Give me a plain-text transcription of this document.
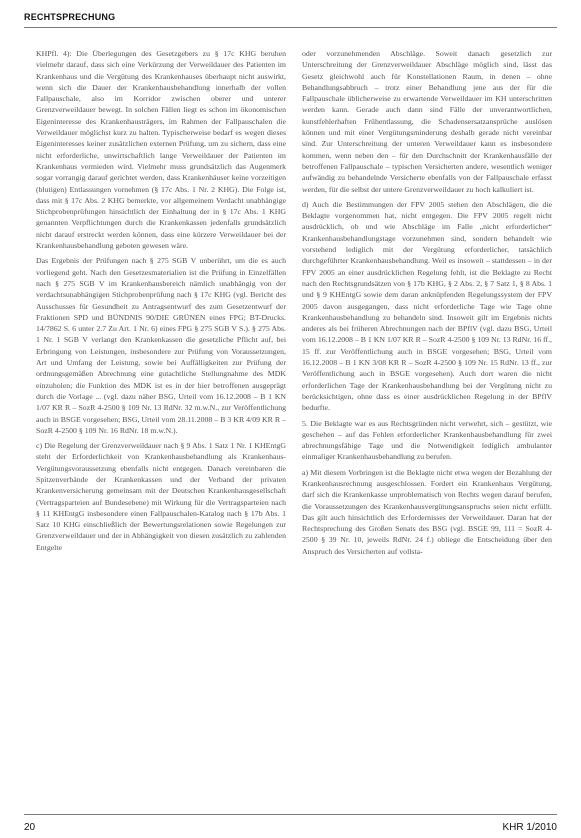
RECHTSPRECHUNG

KHPfl. 4): Die Überlegungen des Gesetzgebers zu § 17c KHG beruhen vielmehr darauf, dass sich eine Verkürzung der Verweildauer des Patienten im Krankenhaus und die Vergütung des Krankenhauses überhaupt nicht auswirkt, wenn sich die Dauer der Krankenhausbehandlung innerhalb der vollen Fallpauschale, also im Korridor zwischen oberer und unterer Grenzverweildauer bewegt. In solchen Fällen liegt es schon im ökonomischen Eigeninteresse des Krankenhausträgers, im Rahmen der Fallpauschalen die Verweildauer möglichst kurz zu halten. Typischerweise bedarf es wegen dieses Eigeninteresses keiner zusätzlichen externen Prüfung, um zu sichern, dass eine nicht erforderliche, unwirtschaftlich lange Verweildauer der Patienten im Krankenhaus vermieden wird. Vielmehr muss grundsätzlich das Augenmerk sogar vorrangig darauf gerichtet werden, dass Krankenhäuser keine vorzeitigen (blutigen) Entlassungen vornehmen (§ 17c Abs. 1 Nr. 2 KHG). Die Folge ist, dass mit § 17c Abs. 2 KHG bemerkte, vor allgemeinem Verdacht unabhängige Stichprobenprüfungen hinsichtlich der Einhaltung der in § 17c Abs. 1 KHG genannten Verpflichtungen durch die Krankenkassen jedenfalls grundsätzlich nicht darauf erstreckt werden können, dass eine kürzere Verweildauer bei der Krankenhausbehandlung geboten gewesen wäre.

Das Ergebnis der Prüfungen nach § 275 SGB V unberührt, um die es auch vorliegend geht. Nach den Gesetzesmaterialien ist die Prüfung in Einzelfällen nach § 275 SGB V im Krankenhausbereich nämlich unabhängig von der verdachtsunabhängigen Stichprobenprüfung nach § 17c KHG (vgl. Bericht des Ausschusses für Gesundheit zu Antragsentwurf des zum Gesetzentwurf der Fraktionen SPD und BÜNDNIS 90/DIE GRÜNEN eines FPG; BT-Drucks. 14/7862 S. 6 unter 2.7 Zu Art. 1 Nr. 6) eines FPG § 275 SGB V S.). § 275 Abs. 1 Nr. 1 SGB V verlangt den Krankenkassen die gesetzliche Pflicht auf, bei Erbringung von Leistungen, insbesondere zur Prüfung von Voraussetzungen, Art und Umfang der Leistung, sowie bei Auffälligkeiten zur Prüfung der ordnungsgemäßen Abrechnung eine gutachtliche Stellungnahme des MDK einzuholen; die Funktion des MDK ist es in der hier betroffenen ausgeprägt durch die Vorlage ... (vgl. dazu näher BSG, Urteil vom 16.12.2008 – B 1 KN 1/07 KR R – SozR 4-2500 § 109 Nr. 13 RdNr. 32 m.w.N., zur Veröffentlichung auch in BSGE vorgesehen; BSG, Urteil vom 28.11.2008 – B 3 KR 4/09 KR R – SozR 4-2500 § 109 Nr. 16 RdNr. 18 m.w.N.).

c) Die Regelung der Grenzverweildauer nach § 9 Abs. 1 Satz 1 Nr. 1 KHEntgG steht der Erforderlichkeit von Krankenhausbehandlung als Krankenhaus-Vergütungsvoraussetzung ebenfalls nicht entgegen. Danach vereinbaren die Spitzenverbände der Krankenkassen und der Verband der privaten Krankenversicherung gemeinsam mit der Deutschen Krankenhausgesellschaft (Vertragsparteien auf Bundesebene) mit Wirkung für die Vertragsparteien nach § 11 KHEntgG insbesondere einen Fallpauschalen-Katalog nach § 17b Abs. 1 Satz 10 KHG einschließlich der Bewertungsrelationen sowie Regelungen zur Grenzverweildauer und der in Abhängigkeit von diesen zusätzlich zu zahlenden Entgelte

oder vorzunehmenden Abschläge. Soweit danach gesetzlich zur Unterschreitung der Grenzverweildauer Abschläge möglich sind, lässt das Gesetz gleichwohl auch für Konstellationen Raum, in denen – ohne Behandlungsabbruch – trotz einer Behandlung jene aus der für die Fallpauschale üblicherweise zu erwartende Verweildauer im KH unterschritten werden kann. Gerade auch dann sind Fälle der unverantwortlichen, kunstfehlerhaften Frühentlassung, die Schadensersatzansprüche auslösen können und mit einer Vergütungsminderung deshalb gerade nicht vereinbar sind. Zur Unterschreitung der unteren Verweildauer kann es insbesondere kommen, wenn neben den – für den Durchschnitt der Krankenhausfälle der betroffenen Fallpauschale – typischen Versicherten andere, wesentlich weniger aufwändig zu behandelnde Versicherte ebenfalls von der Fallpauschale erfasst werden, für die selbst der untere Grenzverweildauer zu hoch kalkuliert ist.

d) Auch die Bestimmungen der FPV 2005 stehen den Abschlägen, die die Beklagte vorgenommen hat, nicht entgegen. Die FPV 2005 regelt nicht ausdrücklich, ob und wie Abschläge im Falle „nicht erforderlicher“ Krankenhausbehandlungstage vorzunehmen sind, sondern behandelt wie vorstehend lediglich mit der Vergütung erforderlicher, tatsächlich durchgeführter Krankenhausbehandlung. Weil es insoweit – stattdessen – in der FPV 2005 an einer ausdrücklichen Regelung fehlt, ist die Beklagte zu Recht nach den Rechtsgrundsätzen von § 17b KHG, § 2 Abs. 2, § 7 Satz 1, § 8 Abs. 1 und § 9 KHEntgG sowie dem daran anknüpfenden Regelungssystem der FPV 2005 davon ausgegangen, dass nicht erforderliche Tage wie Tage ohne Krankenhausbehandlung zu behandeln sind. Insoweit gilt im Ergebnis nichts anderes als bei früheren Abrechnungen nach der BPflV (vgl. dazu BSG, Urteil vom 16.12.2008 – B 1 KN 1/07 KR R – SozR 4-2500 § 109 Nr. 13 RdNr. 16 ff., 15 ff. zur Veröffentlichung auch in BSGE vorgesehen; BSG, Urteil vom 16.12.2008 – B 1 KN 3/08 KR R – SozR 4-2500 § 109 Nr. 15 RdNr. 13 ff., zur Veröffentlichung auch in BSGE vorgesehen). Auch dort waren die nicht erforderlichen Tage der Krankenhausbehandlung bei der Vergütung nicht zu berücksichtigen, ohne dass es einer ausdrücklichen Regelung in der BPflV bedurfte.

5. Die Beklagte war es aus Rechtsgründen nicht verwehrt, sich – gestützt, wie geschehen – auf das Fehlen erforderlicher Krankenhausbehandlung für zwei abrechnungsfähige Tage und die Notwendigkeit lediglich ambulanter einmaliger Krankenhausbehandlung zu berufen.

a) Mit diesem Vorbringen ist die Beklagte nicht etwa wegen der Bezahlung der Krankenhausrechnung ausgeschlossen. Fordert ein Krankenhaus Vergütung, darf sich die Krankenkasse unproblematisch von Rechts wegen darauf berufen, die Voraussetzungen des Krankenhausvergütungsanspruchs seien nicht erfüllt. Das gilt auch hinsichtlich des Erfordernisses der Verweildauer. Daran hat der Rechtsprechung des Großen Senats des BSG (vgl. BSGE 99, 111 = SozR 4-2500 § 39 Nr. 10, jeweils RdNr. 24 f.) obliege die Entscheidung über den Anspruch des Versicherten auf vollsta-

20	KHR 1/2010
